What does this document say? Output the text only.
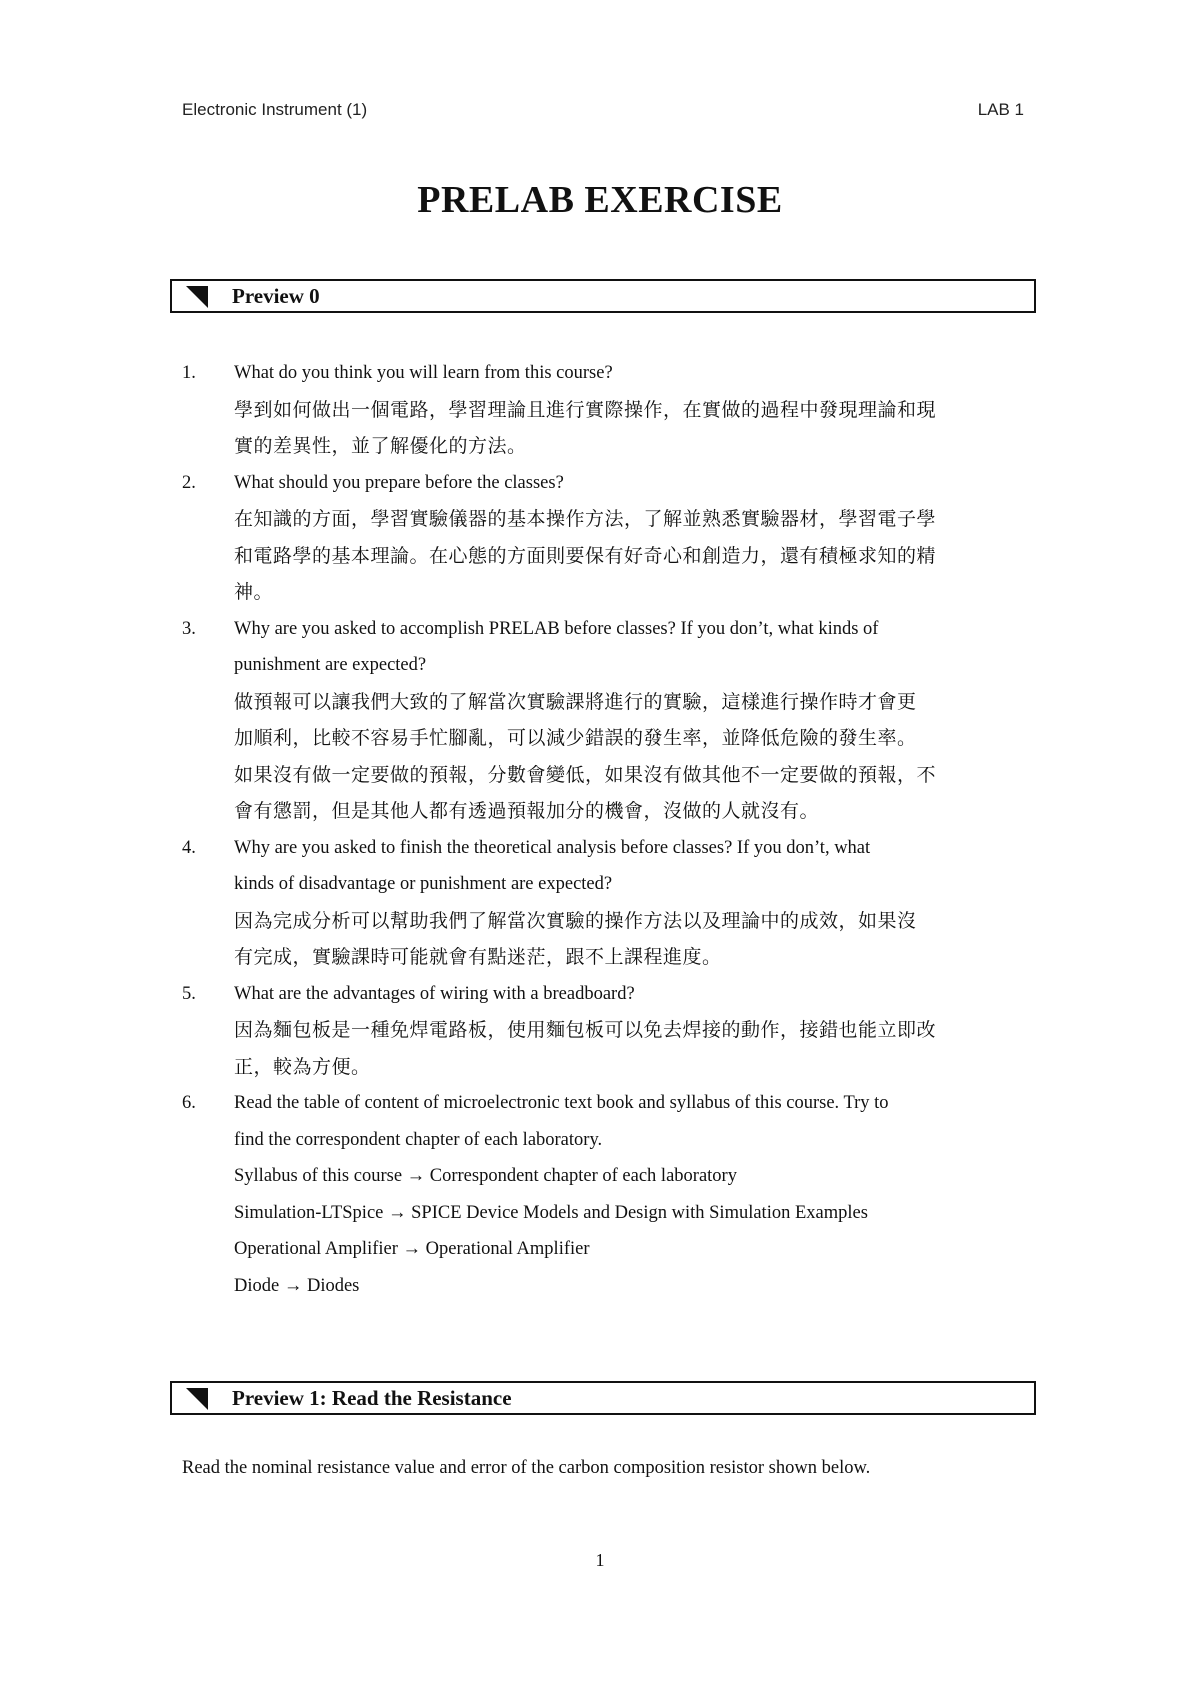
Electronic Instrument (1)	LAB 1
PRELAB EXERCISE
Preview 0
1. What do you think you will learn from this course?
學到如何做出一個電路，學習理論且進行實際操作，在實做的過程中發現理論和現
實的差異性，並了解優化的方法。
2. What should you prepare before the classes?
在知識的方面，學習實驗儀器的基本操作方法，了解並熟悉實驗器材，學習電子學
和電路學的基本理論。在心態的方面則要保有好奇心和創造力，還有積極求知的精
神。
3. Why are you asked to accomplish PRELAB before classes? If you don’t, what kinds of
punishment are expected?
做預報可以讓我們大致的了解當次實驗課將進行的實驗，這樣進行操作時才會更
加順利，比較不容易手忙腳亂，可以減少錯誤的發生率，並降低危險的發生率。
如果沒有做一定要做的預報，分數會變低，如果沒有做其他不一定要做的預報，不
會有懲罰，但是其他人都有透過預報加分的機會，沒做的人就沒有。
4. Why are you asked to finish the theoretical analysis before classes? If you don’t, what
kinds of disadvantage or punishment are expected?
因為完成分析可以幫助我們了解當次實驗的操作方法以及理論中的成效，如果沒
有完成，實驗課時可能就會有點迷茫，跟不上課程進度。
5. What are the advantages of wiring with a breadboard?
因為麵包板是一種免焊電路板，使用麵包板可以免去焊接的動作，接錯也能立即改
正，較為方便。
6. Read the table of content of microelectronic text book and syllabus of this course. Try to
find the correspondent chapter of each laboratory.
Syllabus of this course → Correspondent chapter of each laboratory
Simulation-LTSpice → SPICE Device Models and Design with Simulation Examples
Operational Amplifier → Operational Amplifier
Diode → Diodes
Preview 1: Read the Resistance
Read the nominal resistance value and error of the carbon composition resistor shown below.
1
